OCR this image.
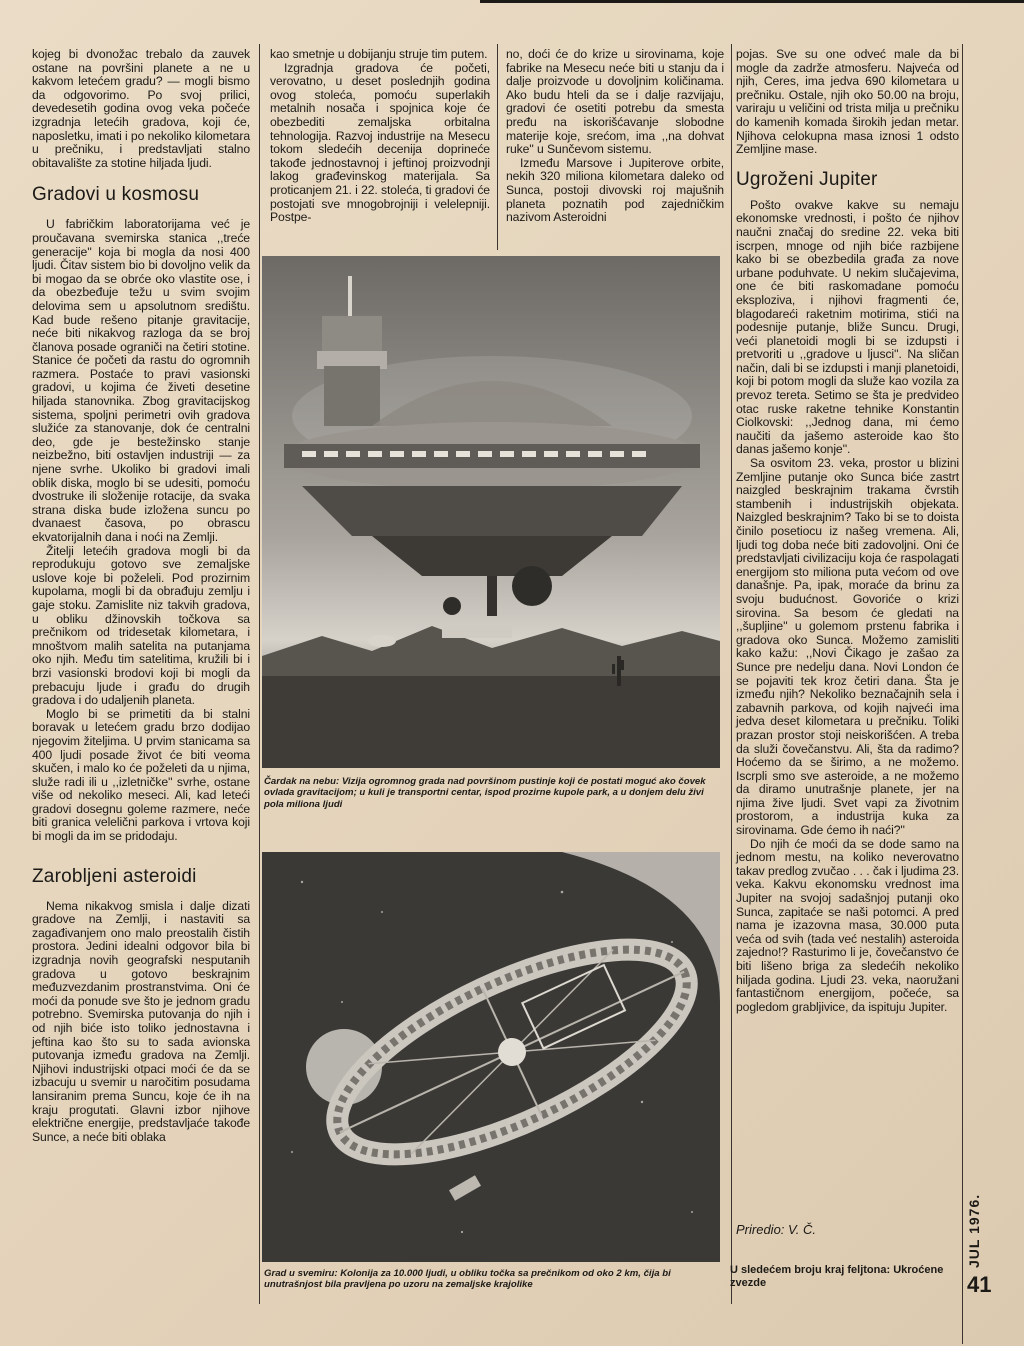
kojeg bi dvonožac trebalo da zauvek ostane na površini planete a ne u kakvom letećem gradu? — mogli bismo da odgovorimo. Po svoj prilici, devedesetih godina ovog veka počeće izgradnja letećih gradova, koji će, naposletku, imati i po nekoliko kilometara u prečniku, i predstavljati stalno obitavalište za stotine hiljada ljudi.

Gradovi u kosmosu

U fabričkim laboratorijama već je proučavana svemirska stanica ,,treće generacije'' koja bi mogla da nosi 400 ljudi. Čitav sistem bio bi dovoljno velik da bi mogao da se obrće oko vlastite ose, i da obezbeđuje težu u svim svojim delovima sem u apsolutnom središtu. Kad bude rešeno pitanje gravitacije, neće biti nikakvog razloga da se broj članova posade ograniči na četiri stotine. Stanice će početi da rastu do ogromnih razmera. Postaće to pravi vasionski gradovi, u kojima će živeti desetine hiljada stanovnika. Zbog gravitacijskog sistema, spoljni perimetri ovih gradova služiće za stanovanje, dok će centralni deo, gde je bestežinsko stanje neizbežno, biti ostavljen industriji — za njene svrhe. Ukoliko bi gradovi imali oblik diska, moglo bi se udesiti, pomoću dvostruke ili složenije rotacije, da svaka strana diska bude izložena suncu po dvanaest časova, po obrascu ekvatorijalnih dana i noći na Zemlji.

Žitelji letećih gradova mogli bi da reprodukuju gotovo sve zemaljske uslove koje bi poželeli. Pod prozirnim kupolama, mogli bi da obrađuju zemlju i gaje stoku. Zamislite niz takvih gradova, u obliku džinovskih točkova sa prečnikom od tridesetak kilometara, i mnoštvom malih satelita na putanjama oko njih. Među tim satelitima, kružili bi i brzi vasionski brodovi koji bi mogli da prebacuju ljude i građu do drugih gradova i do udaljenih planeta.

Moglo bi se primetiti da bi stalni boravak u letećem gradu brzo dodijao njegovim žiteljima. U prvim stanicama sa 400 ljudi posade život će biti veoma skučen, i malo ko će poželeti da u njima, služe radi ili u ,,izletničke'' svrhe, ostane više od nekoliko meseci. Ali, kad leteći gradovi dosegnu goleme razmere, neće biti granica velelični parkova i vrtova koji bi mogli da im se pridodaju.

Zarobljeni asteroidi

Nema nikakvog smisla i dalje dizati gradove na Zemlji, i nastaviti sa zagađivanjem ono malo preostalih čistih prostora. Jedini idealni odgovor bila bi izgradnja novih geografski nesputanih gradova u gotovo beskrajnim međuzvezdanim prostranstvima. Oni će moći da ponude sve što je jednom gradu potrebno. Svemirska putovanja do njih i od njih biće isto toliko jednostavna i jeftina kao što su to sada avionska putovanja između gradova na Zemlji. Njihovi industrijski otpaci moći će da se izbacuju u svemir u naročitim posudama lansiranim prema Suncu, koje će ih na kraju progutati. Glavni izbor njihove električne energije, predstavljaće takođe Sunce, a neće biti oblaka

kao smetnje u dobijanju struje tim putem.

Izgradnja gradova će početi, verovatno, u deset poslednjih godina ovog stoleća, pomoću superlakih metalnih nosača i spojnica koje će obezbediti zemaljska orbitalna tehnologija. Razvoj industrije na Mesecu tokom sledećih decenija doprineće takođe jednostavnoj i jeftinoj proizvodnji lakog građevinskog materijala. Sa proticanjem 21. i 22. stoleća, ti gradovi će postojati sve mnogobrojniji i velelepniji. Postpe-

no, doći će do krize u sirovinama, koje fabrike na Mesecu neće biti u stanju da i dalje proizvode u dovoljnim količinama. Ako budu hteli da se i dalje razvijaju, gradovi će osetiti potrebu da smesta pređu na iskorišćavanje slobodne materije koje, srećom, ima ,,na dohvat ruke'' u Sunčevom sistemu.

Između Marsove i Jupiterove orbite, nekih 320 miliona kilometara daleko od Sunca, postoji divovski roj majušnih planeta poznatih pod zajedničkim nazivom Asteroidni

Čardak na nebu: Vizija ogromnog grada nad površinom pustinje koji će postati moguć ako čovek ovlada gravitacijom; u kuli je transportni centar, ispod prozirne kupole park, a u donjem delu živi pola miliona ljudi
Grad u svemiru: Kolonija za 10.000 ljudi, u obliku točka sa prečnikom od oko 2 km, čija bi unutrašnjost bila pravljena po uzoru na zemaljske krajolike

pojas. Sve su one odveć male da bi mogle da zadrže atmosferu. Najveća od njih, Ceres, ima jedva 690 kilometara u prečniku. Ostale, njih oko 50.00 na broju, variraju u veličini od trista milja u prečniku do kamenih komada širokih jedan metar. Njihova celokupna masa iznosi 1 odsto Zemljine mase.

Ugroženi Jupiter

Pošto ovakve kakve su nemaju ekonomske vrednosti, i pošto će njihov naučni značaj do sredine 22. veka biti iscrpen, mnoge od njih biće razbijene kako bi se obezbedila građa za nove urbane poduhvate. U nekim slučajevima, one će biti raskomadane pomoću eksploziva, i njihovi fragmenti će, blagodareći raketnim motirima, stići na podesnije putanje, bliže Suncu. Drugi, veći planetoidi mogli bi se izdupsti i pretvoriti u ,,gradove u ljusci''. Na sličan način, dali bi se izdupsti i manji planetoidi, koji bi potom mogli da služe kao vozila za prevoz tereta. Setimo se šta je predvideo otac ruske raketne tehnike Konstantin Ciolkovski: ,,Jednog dana, mi ćemo naučiti da jašemo asteroide kao što danas jašemo konje''.

Sa osvitom 23. veka, prostor u blizini Zemljine putanje oko Sunca biće zastrt naizgled beskrajnim trakama čvrstih stambenih i industrijskih objekata. Naizgled beskrajnim? Tako bi se to doista činilo posetiocu iz našeg vremena. Ali, ljudi tog doba neće biti zadovoljni. Oni će predstavljati civilizaciju koja će raspolagati energijom sto miliona puta većom od ove današnje. Pa, ipak, moraće da brinu za svoju budućnost. Govoriće o krizi sirovina. Sa besom će gledati na ,,šupljine'' u golemom prstenu fabrika i gradova oko Sunca. Možemo zamisliti kako kažu: ,,Novi Čikago je zašao za Sunce pre nedelju dana. Novi London će se pojaviti tek kroz četiri dana. Šta je između njih? Nekoliko beznačajnih sela i zabavnih parkova, od kojih najveći ima jedva deset kilometara u prečniku. Toliki prazan prostor stoji neiskorišćen. A treba da služi čovečanstvu. Ali, šta da radimo? Hoćemo da se širimo, a ne možemo. Iscrpli smo sve asteroide, a ne možemo da diramo unutrašnje planete, jer na njima žive ljudi. Svet vapi za životnim prostorom, a industrija kuka za sirovinama. Gde ćemo ih naći?''

Do njih će moći da se dode samo na jednom mestu, na koliko neverovatno takav predlog zvučao . . . čak i ljudima 23. veka. Kakvu ekonomsku vrednost ima Jupiter na svojoj sadašnjoj putanji oko Sunca, zapitaće se naši potomci. A pred nama je izazovna masa, 30.000 puta veća od svih (tada već nestalih) asteroida zajedno!? Rasturimo li je, čovečanstvo će biti lišeno briga za sledećih nekoliko hiljada godina. Ljudi 23. veka, naoružani fantastičnom energijom, počeće, sa pogledom grabljivice, da ispituju Jupiter.

Priredio: V. Č.
U sledećem broju kraj feljtona: Ukroćene zvezde
JUL 1976.
41
